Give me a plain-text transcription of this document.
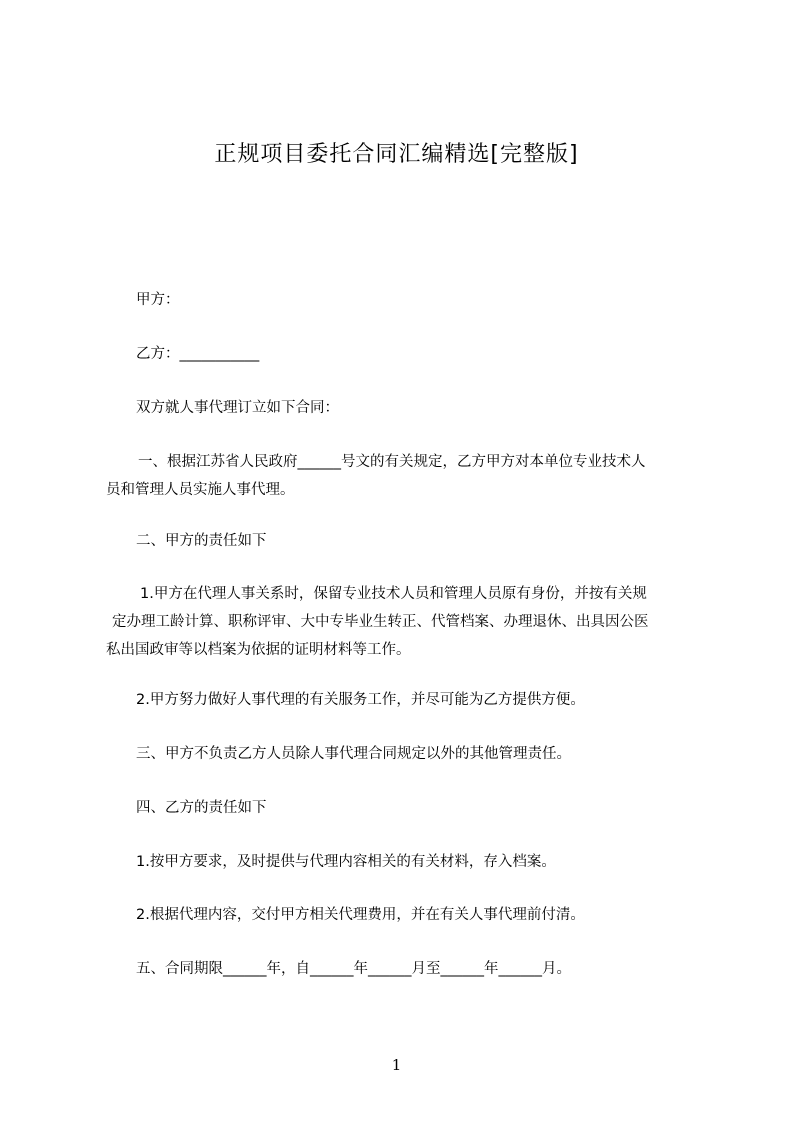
正规项目委托合同汇编精选[完整版]
甲方：
乙方：___________
双方就人事代理订立如下合同：
一、根据江苏省人民政府______号文的有关规定，乙方甲方对本单位专业技术人
员和管理人员实施人事代理。
二、甲方的责任如下
1.甲方在代理人事关系时，保留专业技术人员和管理人员原有身份，并按有关规
定办理工龄计算、职称评审、大中专毕业生转正、代管档案、办理退休、出具因公医
私出国政审等以档案为依据的证明材料等工作。
2.甲方努力做好人事代理的有关服务工作，并尽可能为乙方提供方便。
三、甲方不负责乙方人员除人事代理合同规定以外的其他管理责任。
四、乙方的责任如下
1.按甲方要求，及时提供与代理内容相关的有关材料，存入档案。
2.根据代理内容，交付甲方相关代理费用，并在有关人事代理前付清。
五、合同期限______年，自______年______月至______年______月。
1
